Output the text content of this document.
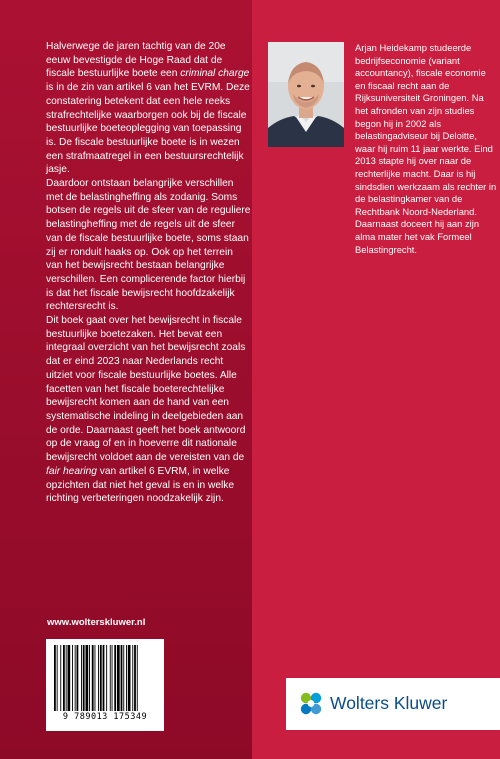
Halverwege de jaren tachtig van de 20e eeuw bevestigde de Hoge Raad dat de fiscale bestuurlijke boete een criminal charge is in de zin van artikel 6 van het EVRM. Deze constatering betekent dat een hele reeks strafrechtelijke waarborgen ook bij de fiscale bestuurlijke boeteoplegging van toepassing is. De fiscale bestuurlijke boete is in wezen een strafmaatregel in een bestuursrechtelijk jasje.

Daardoor ontstaan belangrijke verschillen met de belastingheffing als zodanig. Soms botsen de regels uit de sfeer van de reguliere belastingheffing met de regels uit de sfeer van de fiscale bestuurlijke boete, soms staan zij er ronduit haaks op. Ook op het terrein van het bewijsrecht bestaan belangrijke verschillen. Een complicerende factor hierbij is dat het fiscale bewijsrecht hoofdzakelijk rechtersrecht is.

Dit boek gaat over het bewijsrecht in fiscale bestuurlijke boetezaken. Het bevat een integraal overzicht van het bewijsrecht zoals dat er eind 2023 naar Nederlands recht uitziet voor fiscale bestuurlijke boetes. Alle facetten van het fiscale boeterechtelijke bewijsrecht komen aan de hand van een systematische indeling in deelgebieden aan de orde. Daarnaast geeft het boek antwoord op de vraag of en in hoeverre dit nationale bewijsrecht voldoet aan de vereisten van de fair hearing van artikel 6 EVRM, in welke opzichten dat niet het geval is en in welke richting verbeteringen noodzakelijk zijn.

www.wolterskluwer.nl
9 789013 175349
Arjan Heidekamp studeerde bedrijfseconomie (variant accountancy), fiscale economie en fiscaal recht aan de Rijksuniversiteit Groningen. Na het afronden van zijn studies begon hij in 2002 als belastingadviseur bij Deloitte, waar hij ruim 11 jaar werkte. Eind 2013 stapte hij over naar de rechterlijke macht. Daar is hij sindsdien werkzaam als rechter in de belastingkamer van de Rechtbank Noord-Nederland. Daarnaast doceert hij aan zijn alma mater het vak Formeel Belastingrecht.
Wolters Kluwer
